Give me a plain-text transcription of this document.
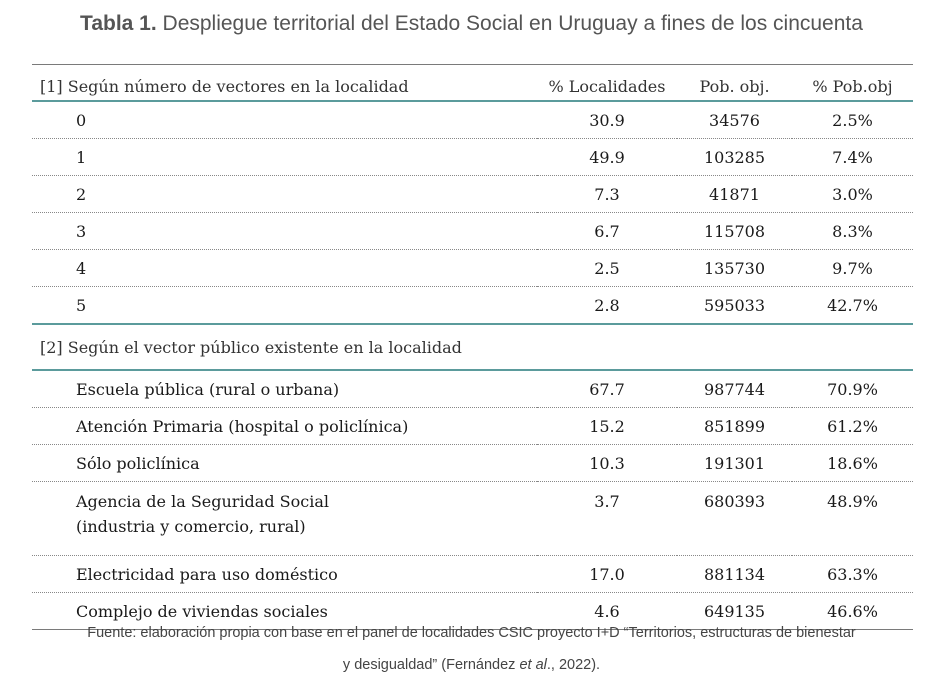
Tabla 1. Despliegue territorial del Estado Social en Uruguay a fines de los cincuenta

[1] Según número de vectores en la localidad	% Localidades	Pob. obj.	% Pob.obj
0	30.9	34576	2.5%
1	49.9	103285	7.4%
2	7.3	41871	3.0%
3	6.7	115708	8.3%
4	2.5	135730	9.7%
5	2.8	595033	42.7%
[2] Según el vector público existente en la localidad			
Escuela pública (rural o urbana)	67.7	987744	70.9%
Atención Primaria (hospital o policlínica)	15.2	851899	61.2%
Sólo policlínica	10.3	191301	18.6%

Agencia de la Seguridad Social
(industria y comercio, rural)	3.7	680393	48.9%
Electricidad para uso doméstico	17.0	881134	63.3%
Complejo de viviendas sociales	4.6	649135	46.6%
Fuente: elaboración propia con base en el panel de localidades CSIC proyecto I+D “Territorios, estructuras de bienestar
y desigualdad” (Fernández et al., 2022).
